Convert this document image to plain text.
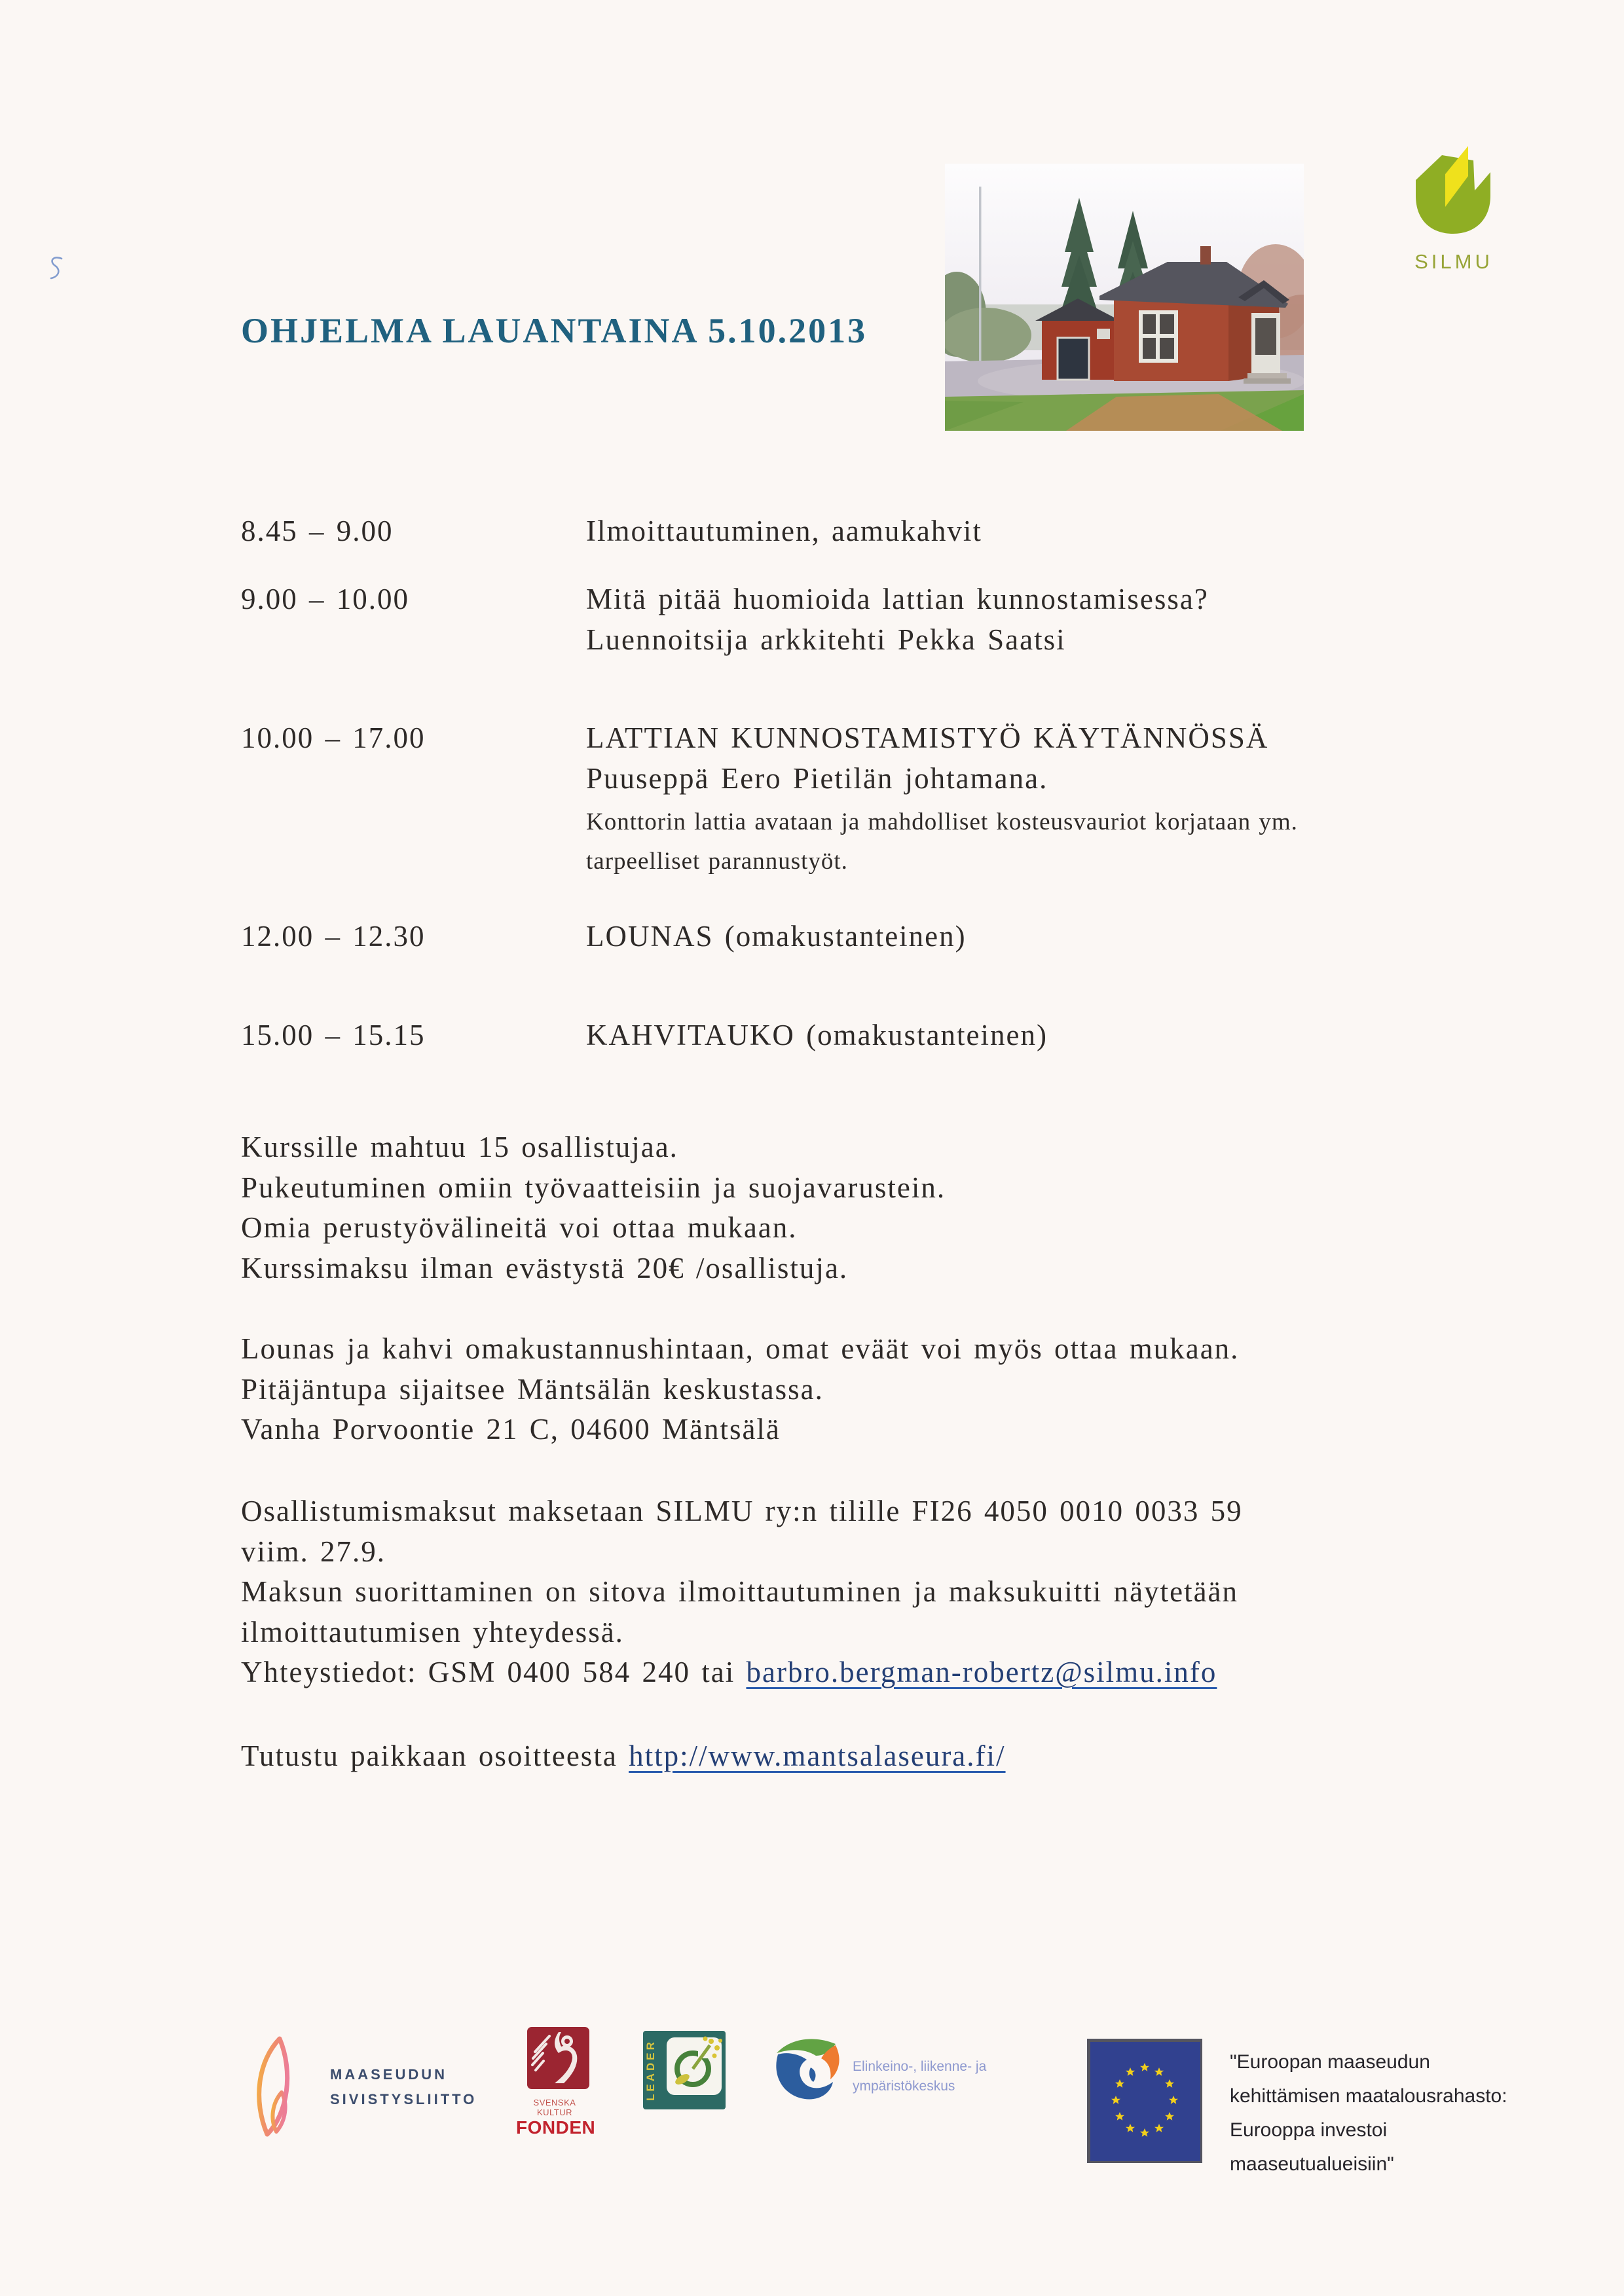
OHJELMA LAUANTAINA 5.10.2013
SILMU
8.45 – 9.00	Ilmoittautuminen, aamukahvit
9.00 – 10.00	Mitä pitää huomioida lattian kunnostamisessa?
Luennoitsija arkkitehti Pekka Saatsi
10.00 – 17.00	LATTIAN KUNNOSTAMISTYÖ KÄYTÄNNÖSSÄ
Puuseppä Eero Pietilän johtamana.
Konttorin lattia avataan ja mahdolliset kosteusvauriot korjataan ym.
tarpeelliset parannustyöt.
12.00 – 12.30	LOUNAS (omakustanteinen)
15.00 – 15.15	KAHVITAUKO (omakustanteinen)
Kurssille mahtuu 15 osallistujaa.
Pukeutuminen omiin työvaatteisiin ja suojavarustein.
Omia perustyövälineitä voi ottaa mukaan.
Kurssimaksu ilman evästystä 20€ /osallistuja.
Lounas ja kahvi omakustannushintaan, omat eväät voi myös ottaa mukaan.
Pitäjäntupa sijaitsee Mäntsälän keskustassa.
Vanha Porvoontie 21 C, 04600 Mäntsälä
Osallistumismaksut maksetaan SILMU ry:n tilille FI26 4050 0010 0033 59
viim. 27.9.
Maksun suorittaminen on sitova ilmoittautuminen ja maksukuitti näytetään
ilmoittautumisen yhteydessä.
Yhteystiedot: GSM 0400 584 240 tai barbro.bergman-robertz@silmu.info
Tutustu paikkaan osoitteesta http://www.mantsalaseura.fi/
MAASEUDUN
SIVISTYSLIITTO	SVENSKA KULTUR
FONDEN
LEADER	Elinkeino-, liikenne- ja
ympäristökeskus
"Euroopan maaseudun
kehittämisen maatalousrahasto:
Eurooppa investoi
maaseutualueisiin"
